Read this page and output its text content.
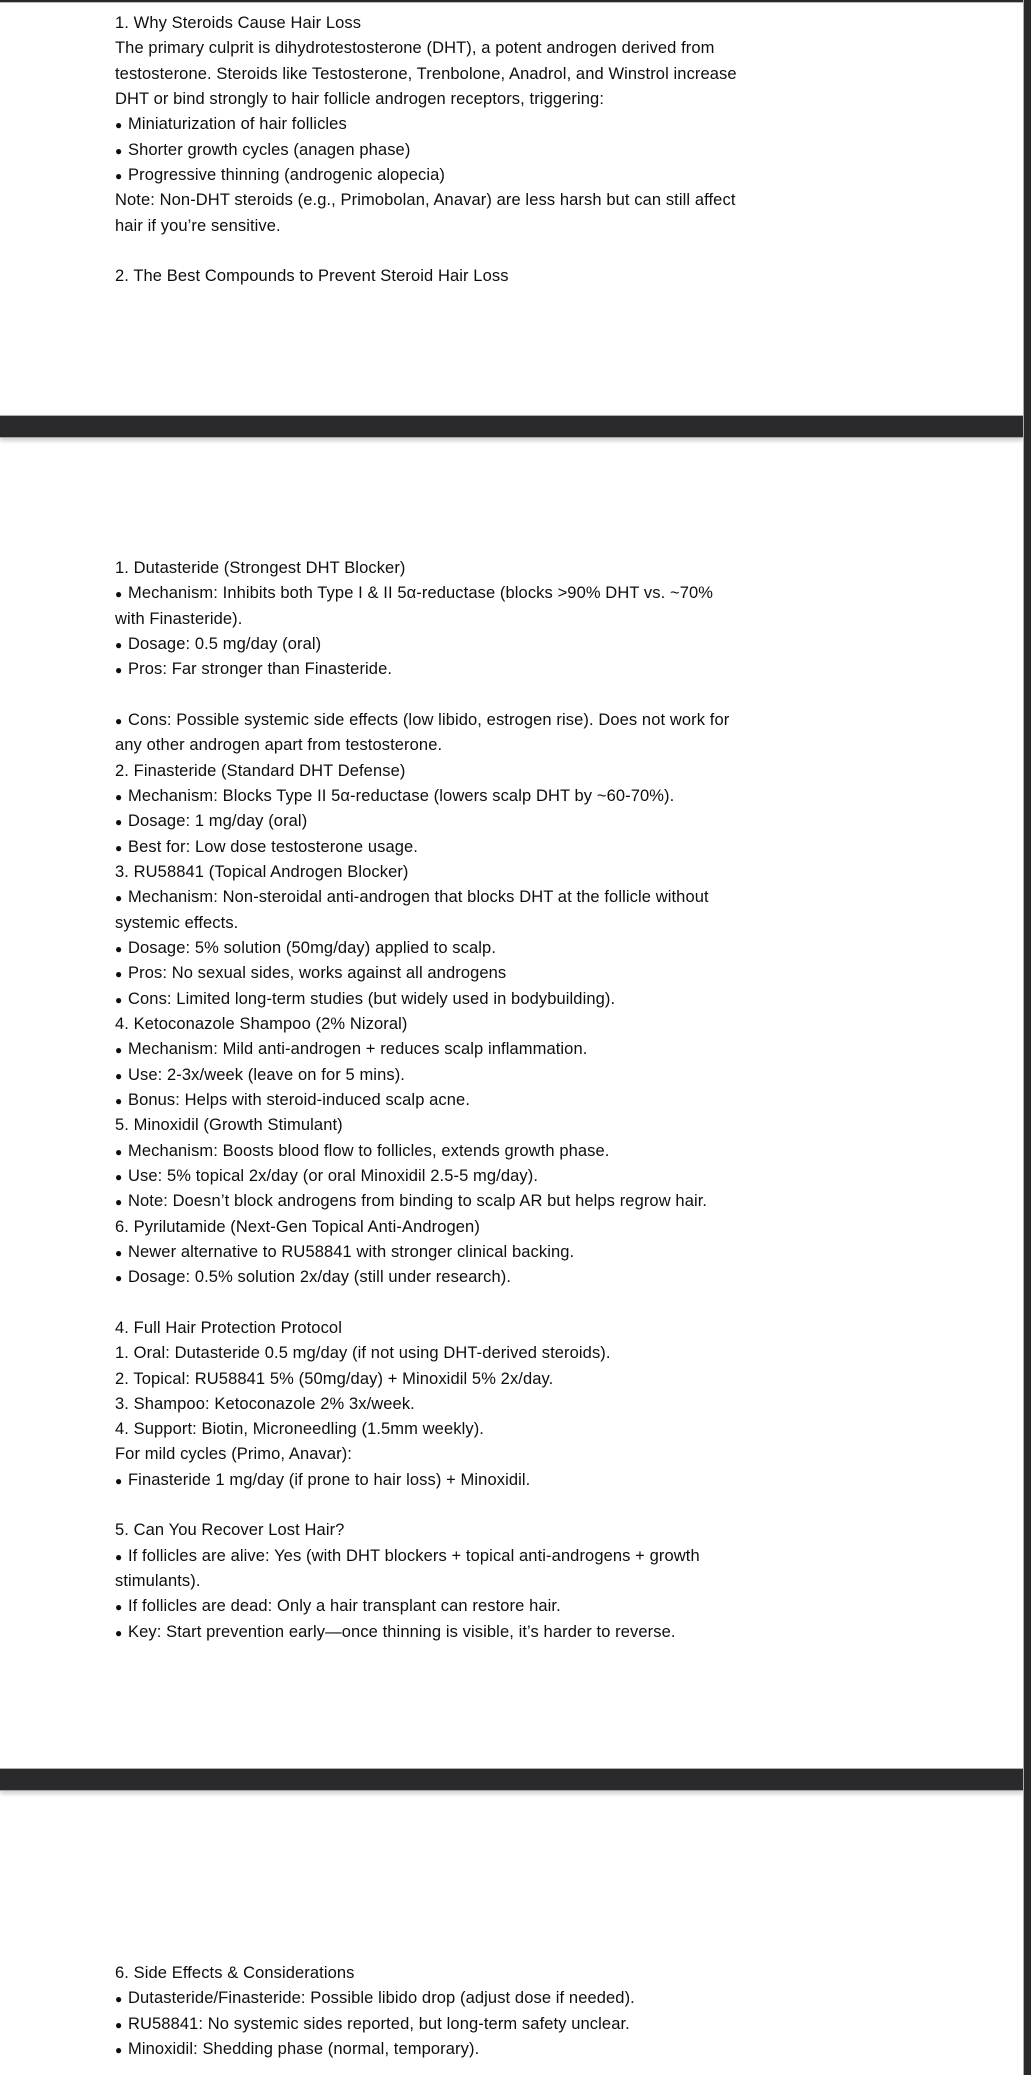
1. Why Steroids Cause Hair Loss
The primary culprit is dihydrotestosterone (DHT), a potent androgen derived from
testosterone. Steroids like Testosterone, Trenbolone, Anadrol, and Winstrol increase
DHT or bind strongly to hair follicle androgen receptors, triggering:
● Miniaturization of hair follicles
● Shorter growth cycles (anagen phase)
● Progressive thinning (androgenic alopecia)
Note: Non-DHT steroids (e.g., Primobolan, Anavar) are less harsh but can still affect
hair if you’re sensitive.

2. The Best Compounds to Prevent Steroid Hair Loss
1. Dutasteride (Strongest DHT Blocker)
● Mechanism: Inhibits both Type I & II 5α-reductase (blocks >90% DHT vs. ~70%
with Finasteride).
● Dosage: 0.5 mg/day (oral)
● Pros: Far stronger than Finasteride.

● Cons: Possible systemic side effects (low libido, estrogen rise). Does not work for
any other androgen apart from testosterone.
2. Finasteride (Standard DHT Defense)
● Mechanism: Blocks Type II 5α-reductase (lowers scalp DHT by ~60-70%).
● Dosage: 1 mg/day (oral)
● Best for: Low dose testosterone usage.
3. RU58841 (Topical Androgen Blocker)
● Mechanism: Non-steroidal anti-androgen that blocks DHT at the follicle without
systemic effects.
● Dosage: 5% solution (50mg/day) applied to scalp.
● Pros: No sexual sides, works against all androgens
● Cons: Limited long-term studies (but widely used in bodybuilding).
4. Ketoconazole Shampoo (2% Nizoral)
● Mechanism: Mild anti-androgen + reduces scalp inflammation.
● Use: 2-3x/week (leave on for 5 mins).
● Bonus: Helps with steroid-induced scalp acne.
5. Minoxidil (Growth Stimulant)
● Mechanism: Boosts blood flow to follicles, extends growth phase.
● Use: 5% topical 2x/day (or oral Minoxidil 2.5-5 mg/day).
● Note: Doesn’t block androgens from binding to scalp AR but helps regrow hair.
6. Pyrilutamide (Next-Gen Topical Anti-Androgen)
● Newer alternative to RU58841 with stronger clinical backing.
● Dosage: 0.5% solution 2x/day (still under research).

4. Full Hair Protection Protocol
1. Oral: Dutasteride 0.5 mg/day (if not using DHT-derived steroids).
2. Topical: RU58841 5% (50mg/day) + Minoxidil 5% 2x/day.
3. Shampoo: Ketoconazole 2% 3x/week.
4. Support: Biotin, Microneedling (1.5mm weekly).
For mild cycles (Primo, Anavar):
● Finasteride 1 mg/day (if prone to hair loss) + Minoxidil.

5. Can You Recover Lost Hair?
● If follicles are alive: Yes (with DHT blockers + topical anti-androgens + growth
stimulants).
● If follicles are dead: Only a hair transplant can restore hair.
● Key: Start prevention early—once thinning is visible, it’s harder to reverse.
6. Side Effects & Considerations
● Dutasteride/Finasteride: Possible libido drop (adjust dose if needed).
● RU58841: No systemic sides reported, but long-term safety unclear.
● Minoxidil: Shedding phase (normal, temporary).
